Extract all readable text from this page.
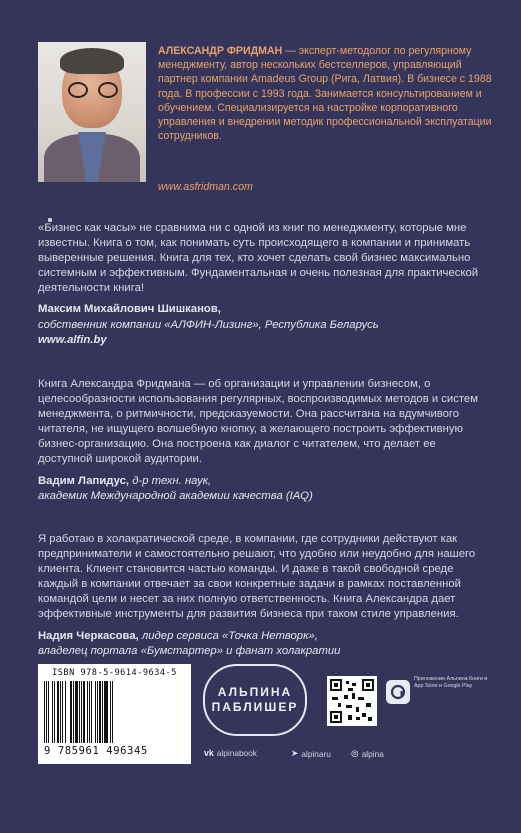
АЛЕКСАНДР ФРИДМАН — эксперт-методолог по регулярному менеджменту, автор нескольких бестселлеров, управляющий партнер компании Amadeus Group (Рига, Латвия). В бизнесе с 1988 года. В профессии с 1993 года. Занимается консультированием и обучением. Специализируется на настройке корпоративного управления и внедрении методик профессиональной эксплуатации сотрудников.
www.asfridman.com

«Бизнес как часы» не сравнима ни с одной из книг по менеджменту, которые мне известны. Книга о том, как понимать суть происходящего в компании и принимать выверенные решения. Книга для тех, кто хочет сделать свой бизнес максимально системным и эффективным. Фундаментальная и очень полезная для практической деятельности книга!

Максим Михайлович Шишканов,
собственник компании «АЛФИН-Лизинг», Республика Беларусь
www.alfin.by

Книга Александра Фридмана — об организации и управлении бизнесом, о целесообразности использования регулярных, воспроизводимых методов и систем менеджмента, о ритмичности, предсказуемости. Она рассчитана на вдумчивого читателя, не ищущего волшебную кнопку, а желающего построить эффективную бизнес-организацию. Она построена как диалог с читателем, что делает ее доступной широкой аудитории.

Вадим Лапидус, д-р техн. наук,
академик Международной академии качества (IAQ)

Я работаю в холакратической среде, в компании, где сотрудники действуют как предприниматели и самостоятельно решают, что удобно или неудобно для нашего клиента. Клиент становится частью команды. И даже в такой свободной среде каждый в компании отвечает за свои конкретные задачи в рамках поставленной командой цели и несет за них полную ответственность. Книга Александра дает эффективные инструменты для развития бизнеса при таком стиле управления.

Надия Черкасова, лидер сервиса «Точка Нетворк»,
владелец портала «Бумстартер» и фанат холакратии
ISBN 978-5-9614-9634-5
9 785961 496345
АЛЬПИНА
ПАБЛИШЕР
Приложение Альпина Книги в App Store и Google Play
vk alpinabook	➤ alpinaru ◎ alpina
